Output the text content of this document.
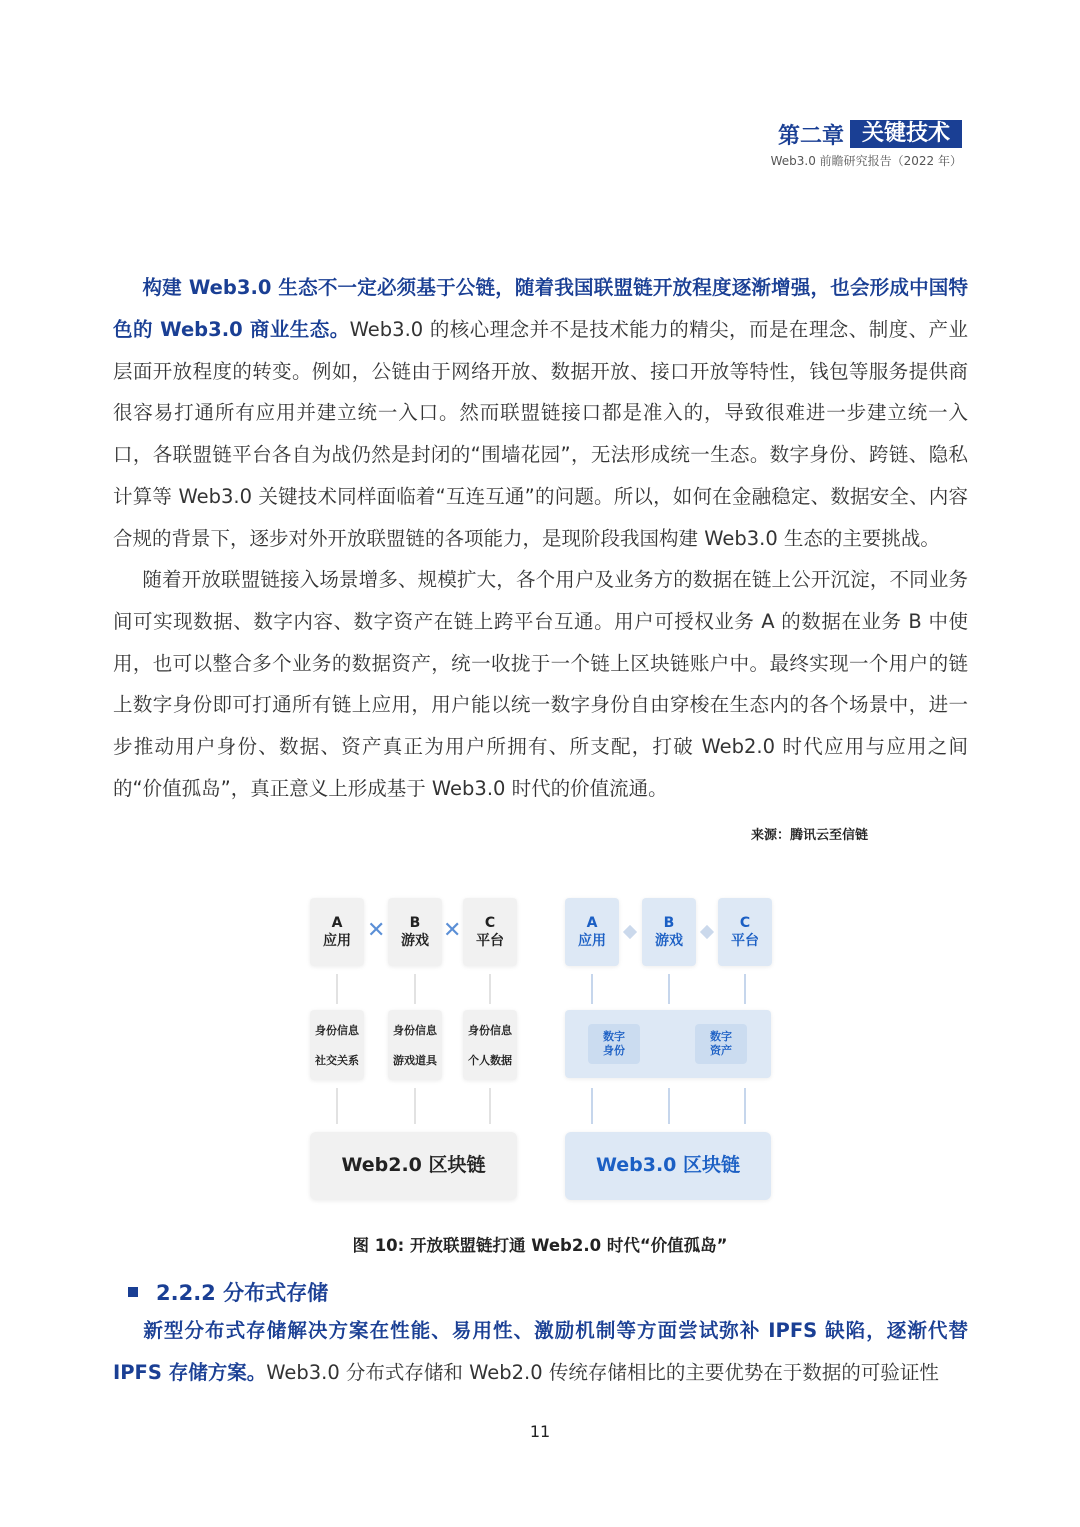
第二章 关键技术
Web3.0 前瞻研究报告（2022 年）

  构建 Web3.0 生态不一定必须基于公链，随着我国联盟链开放程度逐渐增强，也会形成中国特色的 Web3.0 商业生态。Web3.0 的核心理念并不是技术能力的精尖，而是在理念、制度、产业层面开放程度的转变。例如，公链由于网络开放、数据开放、接口开放等特性，钱包等服务提供商很容易打通所有应用并建立统一入口。然而联盟链接口都是准入的，导致很难进一步建立统一入口，各联盟链平台各自为战仍然是封闭的“围墙花园”，无法形成统一生态。数字身份、跨链、隐私计算等 Web3.0 关键技术同样面临着“互连互通”的问题。所以，如何在金融稳定、数据安全、内容合规的背景下，逐步对外开放联盟链的各项能力，是现阶段我国构建 Web3.0 生态的主要挑战。

  随着开放联盟链接入场景增多、规模扩大，各个用户及业务方的数据在链上公开沉淀，不同业务间可实现数据、数字内容、数字资产在链上跨平台互通。用户可授权业务 A 的数据在业务 B 中使用，也可以整合多个业务的数据资产，统一收拢于一个链上区块链账户中。最终实现一个用户的链上数字身份即可打通所有链上应用，用户能以统一数字身份自由穿梭在生态内的各个场景中，进一步推动用户身份、数据、资产真正为用户所拥有、所支配，打破 Web2.0 时代应用与应用之间的“价值孤岛”，真正意义上形成基于 Web3.0 时代的价值流通。

来源：腾讯云至信链
A
应用
B
游戏
C
平台
✕	✕
身份信息
社交关系
身份信息
游戏道具
身份信息
个人数据
Web2.0 区块链
A
应用
B
游戏
C
平台
数字
身份
数字
资产
Web3.0 区块链
图 10: 开放联盟链打通 Web2.0 时代“价值孤岛”
2.2.2 分布式存储

  新型分布式存储解决方案在性能、易用性、激励机制等方面尝试弥补 IPFS 缺陷，逐渐代替 IPFS 存储方案。Web3.0 分布式存储和 Web2.0 传统存储相比的主要优势在于数据的可验证性

11
